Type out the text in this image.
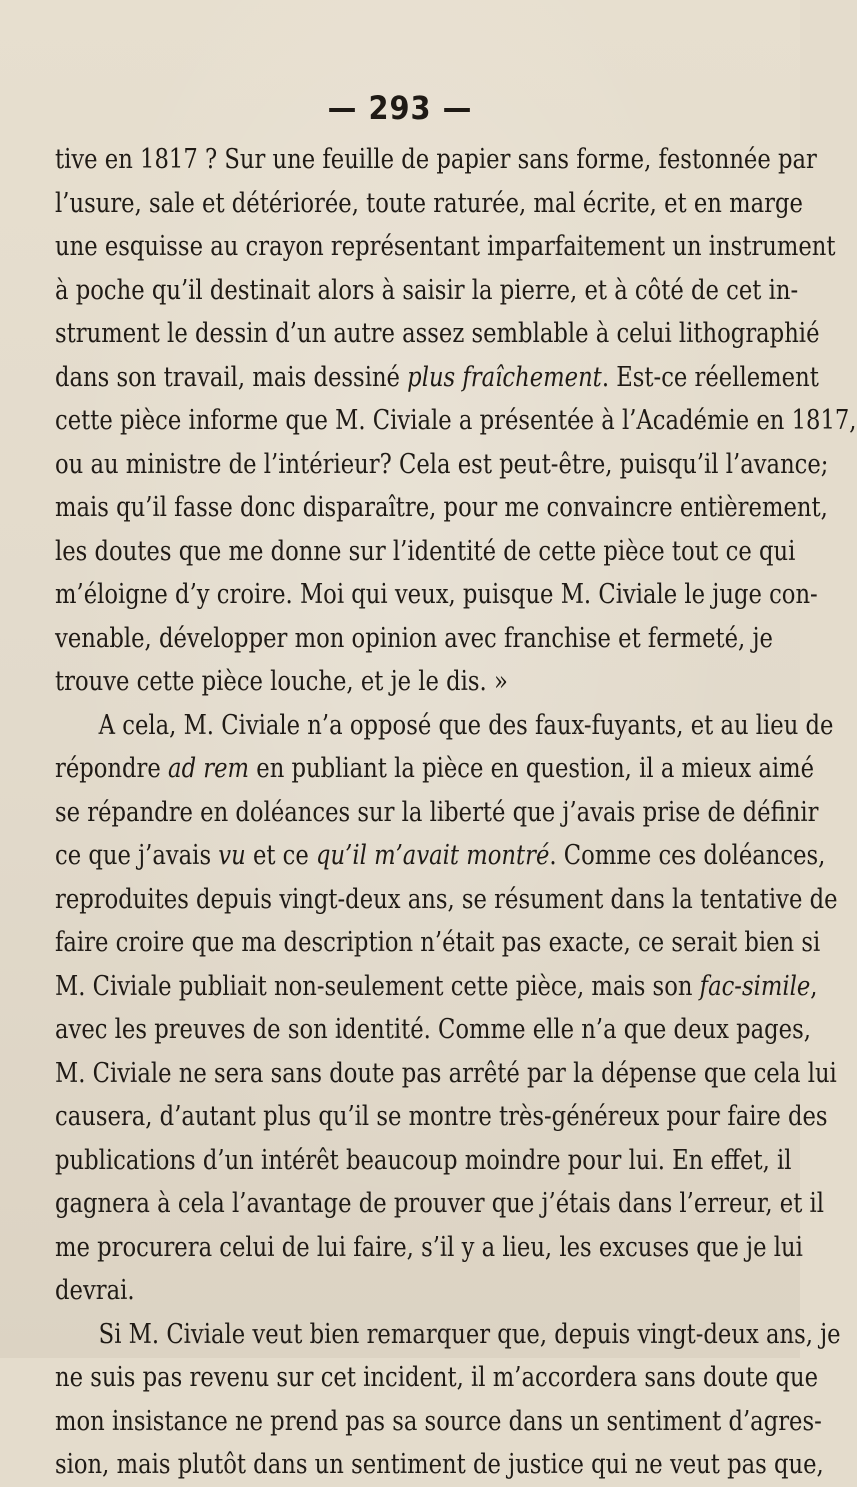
— 293 —
tive en 1817 ? Sur une feuille de papier sans forme, festonnée par
l’usure, sale et détériorée, toute raturée, mal écrite, et en marge
une esquisse au crayon représentant imparfaitement un instrument
à poche qu’il destinait alors à saisir la pierre, et à côté de cet in-
strument le dessin d’un autre assez semblable à celui lithographié
dans son travail, mais dessiné plus fraîchement. Est-ce réellement
cette pièce informe que M. Civiale a présentée à l’Académie en 1817,
ou au ministre de l’intérieur? Cela est peut-être, puisqu’il l’avance;
mais qu’il fasse donc disparaître, pour me convaincre entièrement,
les doutes que me donne sur l’identité de cette pièce tout ce qui
m’éloigne d’y croire. Moi qui veux, puisque M. Civiale le juge con-
venable, développer mon opinion avec franchise et fermeté, je
trouve cette pièce louche, et je le dis. »
A cela, M. Civiale n’a opposé que des faux-fuyants, et au lieu de
répondre ad rem en publiant la pièce en question, il a mieux aimé
se répandre en doléances sur la liberté que j’avais prise de définir
ce que j’avais vu et ce qu’il m’avait montré. Comme ces doléances,
reproduites depuis vingt-deux ans, se résument dans la tentative de
faire croire que ma description n’était pas exacte, ce serait bien si
M. Civiale publiait non-seulement cette pièce, mais son fac-simile,
avec les preuves de son identité. Comme elle n’a que deux pages,
M. Civiale ne sera sans doute pas arrêté par la dépense que cela lui
causera, d’autant plus qu’il se montre très-généreux pour faire des
publications d’un intérêt beaucoup moindre pour lui. En effet, il
gagnera à cela l’avantage de prouver que j’étais dans l’erreur, et il
me procurera celui de lui faire, s’il y a lieu, les excuses que je lui
devrai.
Si M. Civiale veut bien remarquer que, depuis vingt-deux ans, je
ne suis pas revenu sur cet incident, il m’accordera sans doute que
mon insistance ne prend pas sa source dans un sentiment d’agres-
sion, mais plutôt dans un sentiment de justice qui ne veut pas que,
